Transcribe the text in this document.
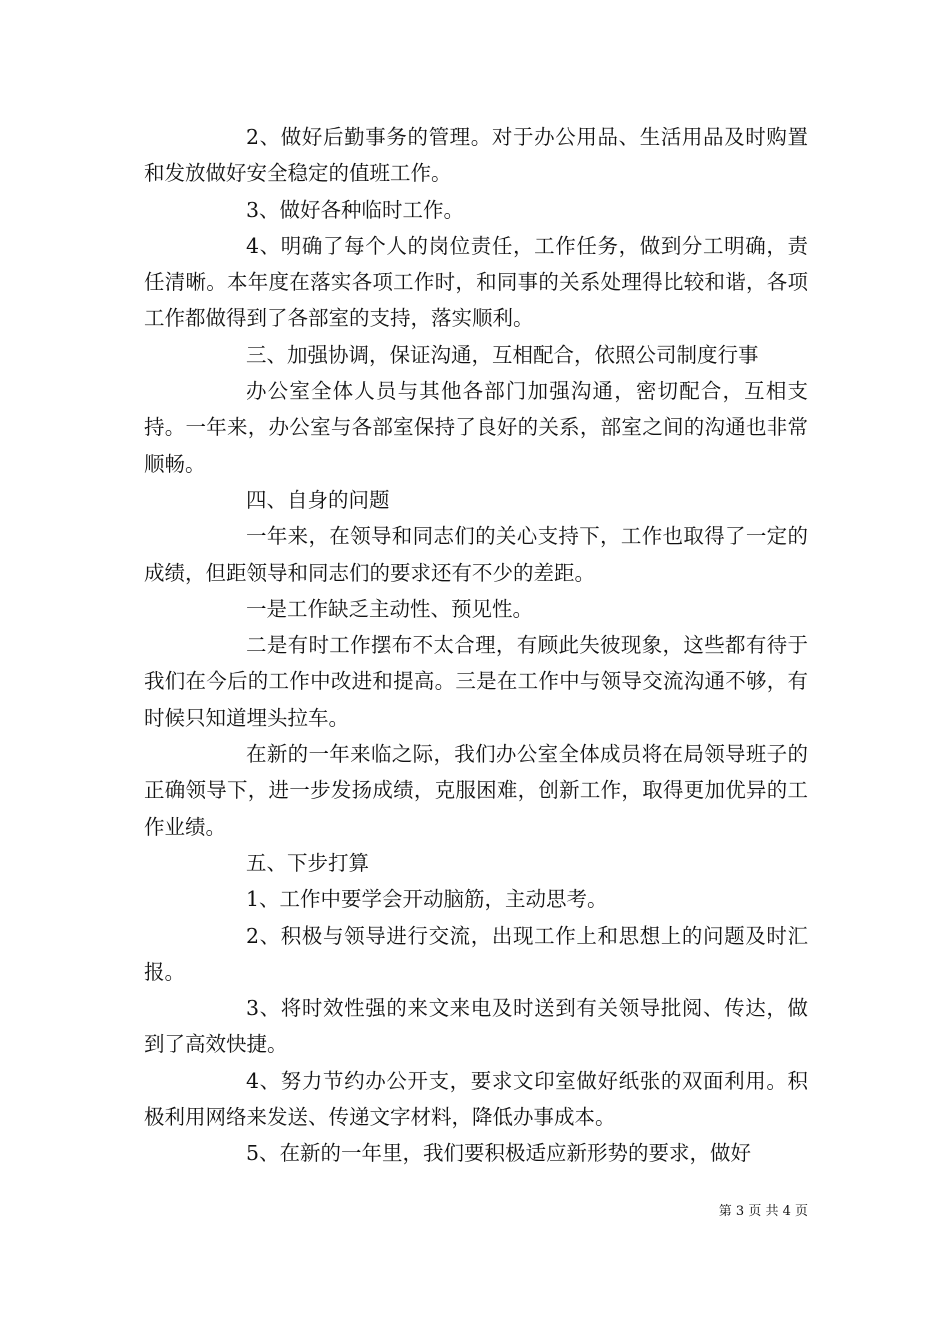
2、做好后勤事务的管理。对于办公用品、生活用品及时购置和发放做好安全稳定的值班工作。

3、做好各种临时工作。

4、明确了每个人的岗位责任，工作任务，做到分工明确，责任清晰。本年度在落实各项工作时，和同事的关系处理得比较和谐，各项工作都做得到了各部室的支持，落实顺利。

三、加强协调，保证沟通，互相配合，依照公司制度行事

办公室全体人员与其他各部门加强沟通，密切配合，互相支持。一年来，办公室与各部室保持了良好的关系，部室之间的沟通也非常顺畅。

四、自身的问题

一年来，在领导和同志们的关心支持下，工作也取得了一定的成绩，但距领导和同志们的要求还有不少的差距。

一是工作缺乏主动性、预见性。

二是有时工作摆布不太合理，有顾此失彼现象，这些都有待于我们在今后的工作中改进和提高。三是在工作中与领导交流沟通不够，有时候只知道埋头拉车。

在新的一年来临之际，我们办公室全体成员将在局领导班子的正确领导下，进一步发扬成绩，克服困难，创新工作，取得更加优异的工作业绩。

五、下步打算

1、工作中要学会开动脑筋，主动思考。

2、积极与领导进行交流，出现工作上和思想上的问题及时汇报。

3、将时效性强的来文来电及时送到有关领导批阅、传达，做到了高效快捷。

4、努力节约办公开支，要求文印室做好纸张的双面利用。积极利用网络来发送、传递文字材料，降低办事成本。

5、在新的一年里，我们要积极适应新形势的要求，做好

第 3 页 共 4 页
